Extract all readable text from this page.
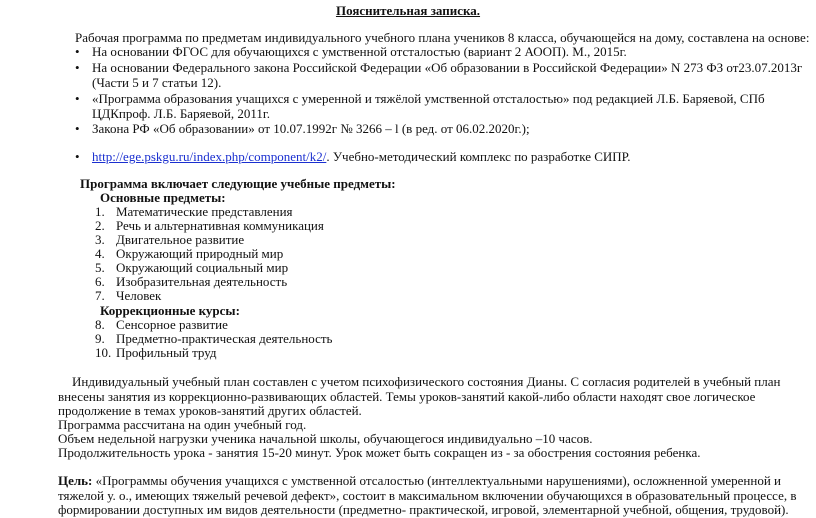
Пояснительная записка.
Рабочая программа по предметам индивидуального учебного плана учеников 8 класса, обучающейся на дому, составлена на основе:
• На основании ФГОС для обучающихся с умственной отсталостью (вариант 2 АООП). М., 2015г.
• На основании Федерального закона Российской Федерации «Об образовании в Российской Федерации» N 273 ФЗ от23.07.2013г (Части 5 и 7 статьи 12).
• «Программа образования учащихся с умеренной и тяжёлой умственной отсталостью» под редакцией Л.Б. Баряевой, СПб ЦДКпроф. Л.Б. Баряевой, 2011г.
• Закона РФ «Об образовании» от 10.07.1992г № 3266 – l (в ред. от 06.02.2020г.);
• http://ege.pskgu.ru/index.php/component/k2/. Учебно-методический комплекс по разработке СИПР.
Программа включает следующие учебные предметы:
Основные предметы:
1. Математические представления
2. Речь и альтернативная коммуникация
3. Двигательное развитие
4. Окружающий природный мир
5. Окружающий социальный мир
6. Изобразительная деятельность
7. Человек
Коррекционные курсы:
8. Сенсорное развитие
9. Предметно-практическая деятельность
10. Профильный труд
Индивидуальный учебный план составлен с учетом психофизического состояния Дианы. С согласия родителей в учебный план внесены занятия из коррекционно-развивающих областей. Темы уроков-занятий какой-либо области находят свое логическое продолжение в темах уроков-занятий других областей.
Программа рассчитана на один учебный год.
Объем недельной нагрузки ученика начальной школы, обучающегося индивидуально –10 часов.
Продолжительность урока - занятия 15-20 минут. Урок может быть сокращен из - за обострения состояния ребенка.
Цель: «Программы обучения учащихся с умственной отсалостью (интеллектуальными нарушениями), осложненной умеренной и тяжелой у. о., имеющих тяжелый речевой дефект», состоит в максимальном включении обучающихся в образовательный процессе, в формировании доступных им видов деятельности (предметно- практической, игровой, элементарной учебной, общения, трудовой).
